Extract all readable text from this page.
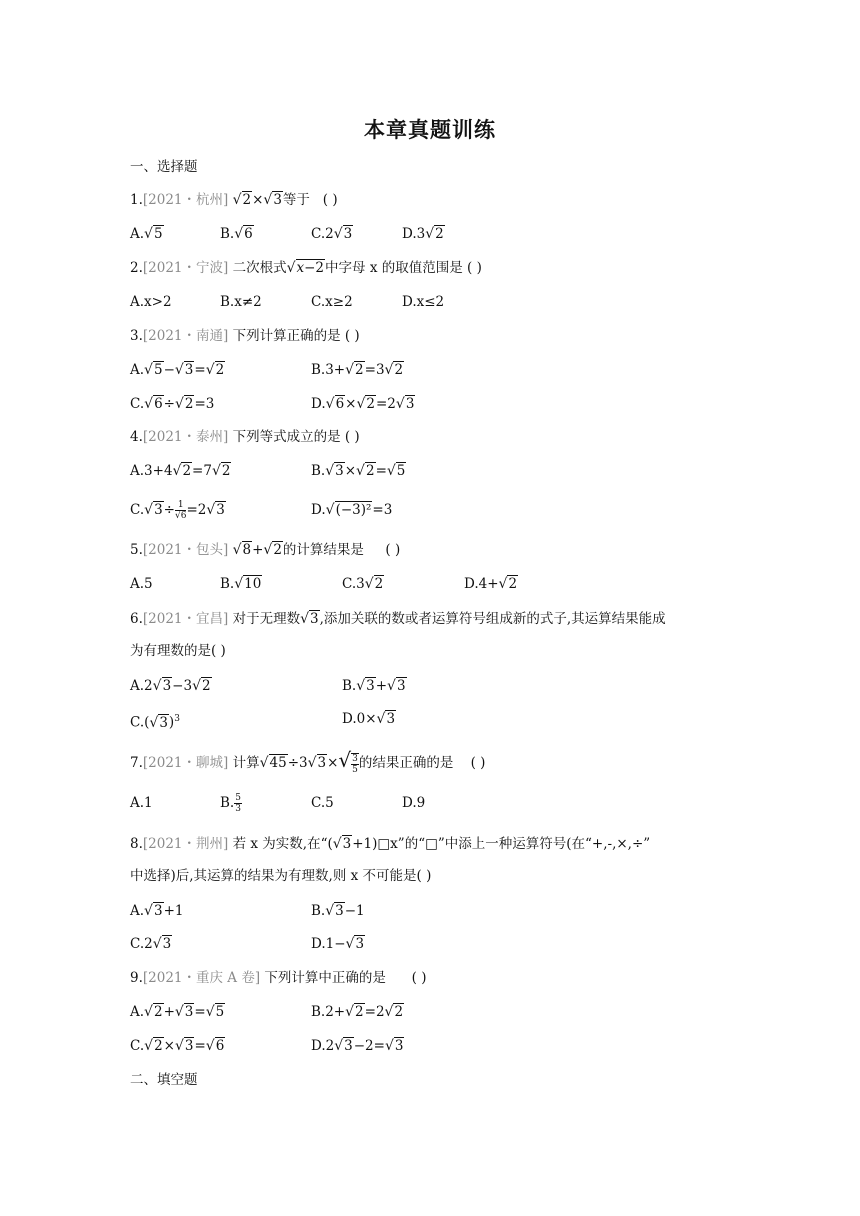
本章真题训练
一、选择题
1.[2021・杭州] √2×√3等于 ( )
A.√5	B.√6	C.2√3	D.3√2
2.[2021・宁波] 二次根式√x−2中字母 x 的取值范围是 ( )
A.x>2	B.x≠2	C.x≥2	D.x≤2
3.[2021・南通] 下列计算正确的是 ( )
A.√5−√3=√2	B.3+√2=3√2
C.√6÷√2=3	D.√6×√2=2√3
4.[2021・泰州] 下列等式成立的是 ( )
A.3+4√2=7√2	B.√3×√2=√5
$C.√3\div \frac{1}{√6} =2√3$	D.√(−3)²=3
5.[2021・包头] √8+√2的计算结果是 ( )
A.5	B.√10	C.3√2	D.4+√2
6.[2021・宜昌] 对于无理数√3,添加关联的数或者运算符号组成新的式子,其运算结果能成
为有理数的是( )
A.2√3−3√2	B.√3+√3
$C.(√3)^3$	D.0×√3
7.[2021・聊城] 计算$√45\div 3√3\times√ \frac{3}{5}$ 的结果正确的是 ( )
A.1	B. $\frac{5}{3}$	C.5	D.9
8.[2021・荆州] 若 x 为实数,在“(√3+1)□x”的“□”中添上一种运算符号(在“+,-,×,÷”
中选择)后,其运算的结果为有理数,则 x 不可能是( )
A.√3+1	B.√3−1
C.2√3	D.1−√3
9.[2021・重庆 A 卷] 下列计算中正确的是 ( )
A.√2+√3=√5	B.2+√2=2√2
C.√2×√3=√6	D.2√3−2=√3
二、填空题
